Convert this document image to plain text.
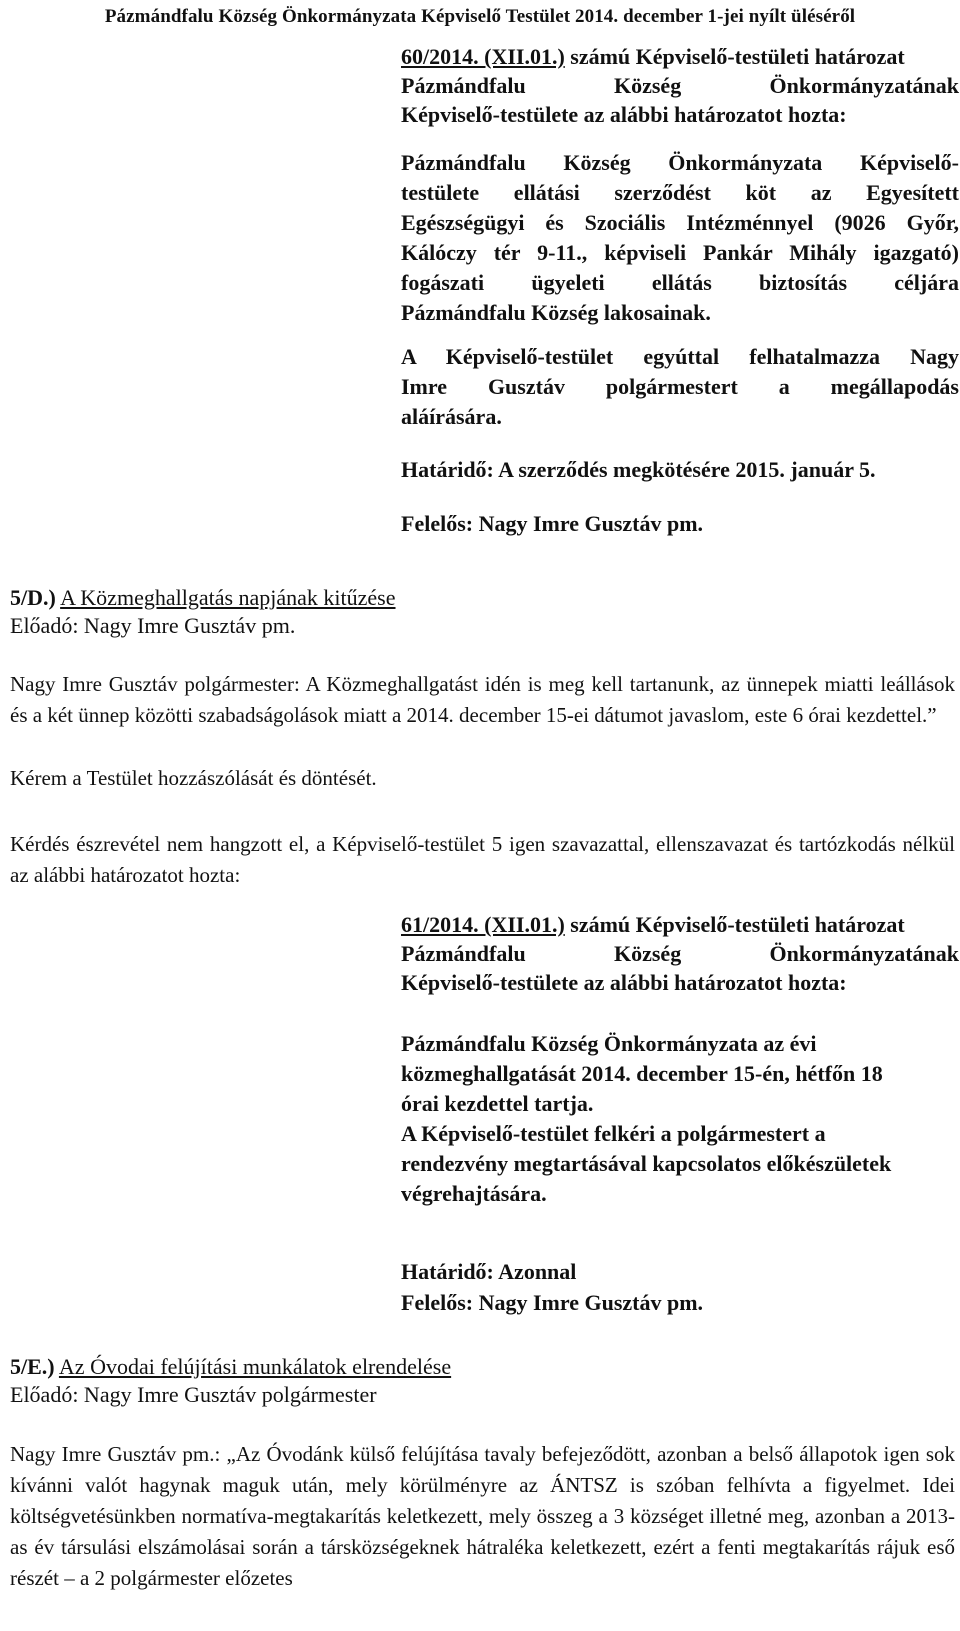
Pázmándfalu Község Önkormányzata Képviselő Testület 2014. december 1-jei nyílt üléséről
60/2014. (XII.01.) számú Képviselő-testületi határozat
Pázmándfalu Község Önkormányzatának
Képviselő-testülete az alábbi határozatot hozta:
Pázmándfalu Község Önkormányzata Képviselő-
testülete ellátási szerződést köt az Egyesített
Egészségügyi és Szociális Intézménnyel (9026 Győr,
Kálóczy tér 9-11., képviseli Pankár Mihály igazgató)
fogászati ügyeleti ellátás biztosítás céljára
Pázmándfalu Község lakosainak.
A Képviselő-testület egyúttal felhatalmazza Nagy
Imre Gusztáv polgármestert a megállapodás
aláírására.
Határidő: A szerződés megkötésére 2015. január 5.
Felelős: Nagy Imre Gusztáv pm.
5/D.) A Közmeghallgatás napjának kitűzése
Előadó: Nagy Imre Gusztáv pm.
Nagy Imre Gusztáv polgármester: A Közmeghallgatást idén is meg kell tartanunk, az ünnepek miatti leállások és a két ünnep közötti szabadságolások miatt a 2014. december 15-ei dátumot javaslom, este 6 órai kezdettel.”
Kérem a Testület hozzászólását és döntését.
Kérdés észrevétel nem hangzott el, a Képviselő-testület 5 igen szavazattal, ellenszavazat és tartózkodás nélkül az alábbi határozatot hozta:
61/2014. (XII.01.) számú Képviselő-testületi határozat
Pázmándfalu Község Önkormányzatának
Képviselő-testülete az alábbi határozatot hozta:
Pázmándfalu Község Önkormányzata az évi
közmeghallgatását 2014. december 15-én, hétfőn 18
órai kezdettel tartja.
A Képviselő-testület felkéri a polgármestert a
rendezvény megtartásával kapcsolatos előkészületek
végrehajtására.
Határidő: Azonnal
Felelős: Nagy Imre Gusztáv pm.
5/E.) Az Óvodai felújítási munkálatok elrendelése
Előadó: Nagy Imre Gusztáv polgármester
Nagy Imre Gusztáv pm.: „Az Óvodánk külső felújítása tavaly befejeződött, azonban a belső állapotok igen sok kívánni valót hagynak maguk után, mely körülményre az ÁNTSZ is szóban felhívta a figyelmet. Idei költségvetésünkben normatíva-megtakarítás keletkezett, mely összeg a 3 községet illetné meg, azonban a 2013-as év társulási elszámolásai során a társközségeknek hátraléka keletkezett, ezért a fenti megtakarítás rájuk eső részét – a 2 polgármester előzetes
